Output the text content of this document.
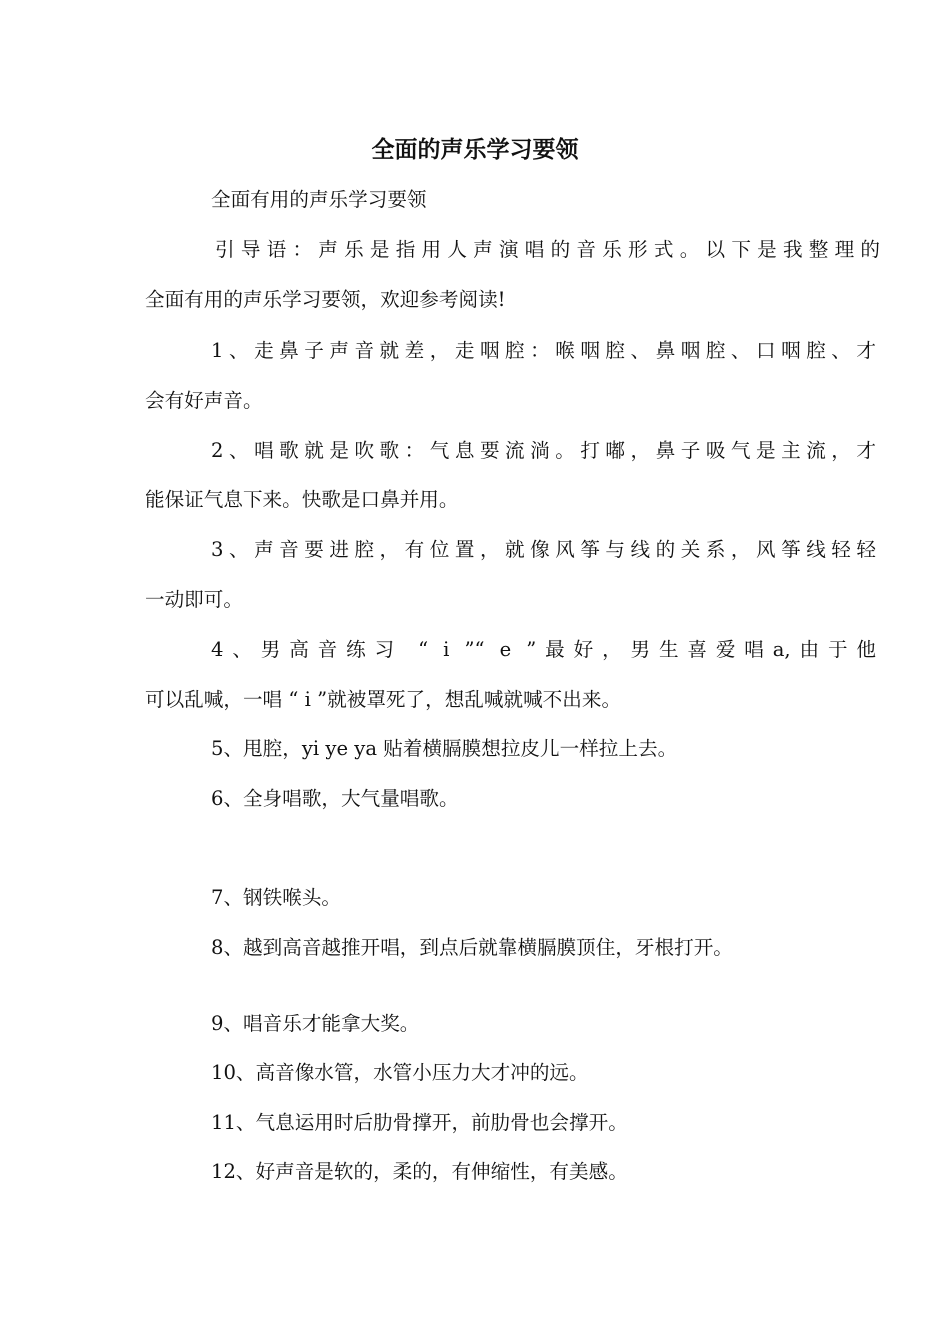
全面的声乐学习要领

全面有用的声乐学习要领

引导语：声乐是指用人声演唱的音乐形式。以下是我整理的

全面有用的声乐学习要领，欢迎参考阅读!

1、走鼻子声音就差，走咽腔：喉咽腔、鼻咽腔、口咽腔、才

会有好声音。

2、唱歌就是吹歌：气息要流淌。打嘟，鼻子吸气是主流，才

能保证气息下来。快歌是口鼻并用。

3、声音要进腔，有位置，就像风筝与线的关系，风筝线轻轻

一动即可。

4、男高音练习 “ i ”“ e ”最好，男生喜爱唱a,由于他

可以乱喊，一唱 “ i ”就被罩死了，想乱喊就喊不出来。

5、甩腔，yi ye ya 贴着横膈膜想拉皮儿一样拉上去。

6、全身唱歌，大气量唱歌。

7、钢铁喉头。

8、越到高音越推开唱，到点后就靠横膈膜顶住，牙根打开。

9、唱音乐才能拿大奖。

10、高音像水管，水管小压力大才冲的远。

11、气息运用时后肋骨撑开，前肋骨也会撑开。

12、好声音是软的，柔的，有伸缩性，有美感。
